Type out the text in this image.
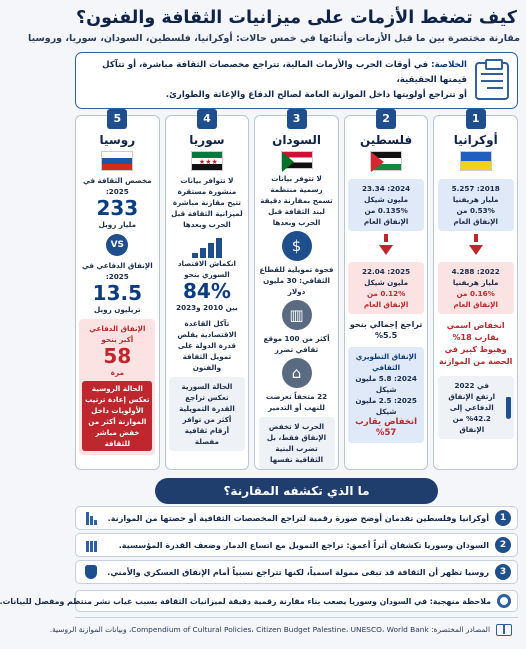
كيف تضغط الأزمات على ميزانيات الثقافة والفنون؟
مقارنة مختصرة بين ما قبل الأزمات وأثنائها في خمس حالات: أوكرانيا، فلسطين، السودان، سوريا، وروسيا
الخلاصة: في أوقات الحرب والأزمات المالية، تتراجع مخصصات الثقافة مباشرة، أو تتآكل قيمتها الحقيقية،
أو تتراجع أولويتها داخل الموازنة العامة لصالح الدفاع والإغاثة والطوارئ.
1
أوكرانيا
2018: 5.257 مليار هريفنيا
0.53% من الإنفاق العام
2022: 4.288 مليار هريفنيا
0.16% من الإنفاق العام
انخفاض اسمي يقارب 18% وهبوط كبير في الحصة من الموازنة
في 2022 ارتفع الإنفاق الدفاعي إلى 42.2% من الإنفاق
2
فلسطين
2024: 23.34 مليون شيكل
0.135% من الإنفاق العام
2025: 22.04 مليون شيكل
0.12% من الإنفاق العام
تراجع إجمالي بنحو 5.5%
الإنفاق التطويري الثقافي
2024: 5.8 مليون شيكل
2025: 2.5 مليون شيكل
انخفاض يقارب 57%
3
السودان
لا تتوفر بيانات رسمية منتظمة تسمح بمقارنة دقيقة لبند الثقافة قبل الحرب وبعدها
$
فجوة تمويلية للقطاع الثقافي: 30 مليون دولار
▥
أكثر من 100 موقع ثقافي تضرر
⌂
22 متحفاً تعرضت للنهب أو التدمير
الحرب لا تخفض الإنفاق فقط، بل تضرب البنية الثقافية نفسها
4
سوريا
★★★
لا تتوافر بيانات منشورة مستقرة تتيح مقارنة مباشرة لميزانية الثقافة قبل الحرب وبعدها
انكماش الاقتصاد السوري بنحو
84%
بين 2010 و2023
تآكل القاعدة الاقتصادية يقلص قدرة الدولة على تمويل الثقافة والفنون
الحالة السورية تعكس تراجع القدرة التمويلية أكثر من توافر أرقام ثقافية مفصلة
5
روسيا
مخصص الثقافة في 2025:
233
مليار روبل
VS
الإنفاق الدفاعي في 2025:
13.5
تريليون روبل
الإنفاق الدفاعي أكبر بنحو
58
مرة
الحالة الروسية تعكس إعادة ترتيب الأولويات داخل الموازنة أكثر من خفض مباشر للثقافة
ما الذي تكشفه المقارنة؟
1
أوكرانيا وفلسطين تقدمان أوضح صورة رقمية لتراجع المخصصات الثقافية أو حصتها من الموازنة.
2
السودان وسوريا تكشفان أثراً أعمق: تراجع التمويل مع اتساع الدمار وضعف القدرة المؤسسية.
3
روسيا تظهر أن الثقافة قد تبقى ممولة اسمياً، لكنها تتراجع نسبياً أمام الإنفاق العسكري والأمني.
ملاحظة منهجية: في السودان وسوريا يصعب بناء مقارنة رقمية دقيقة لميزانيات الثقافة بسبب غياب نشر منتظم ومفصل للبيانات.
المصادر المختصرة: Compendium of Cultural Policies، Citizen Budget Palestine، UNESCO، World Bank، وبيانات الموازنة الروسية.
